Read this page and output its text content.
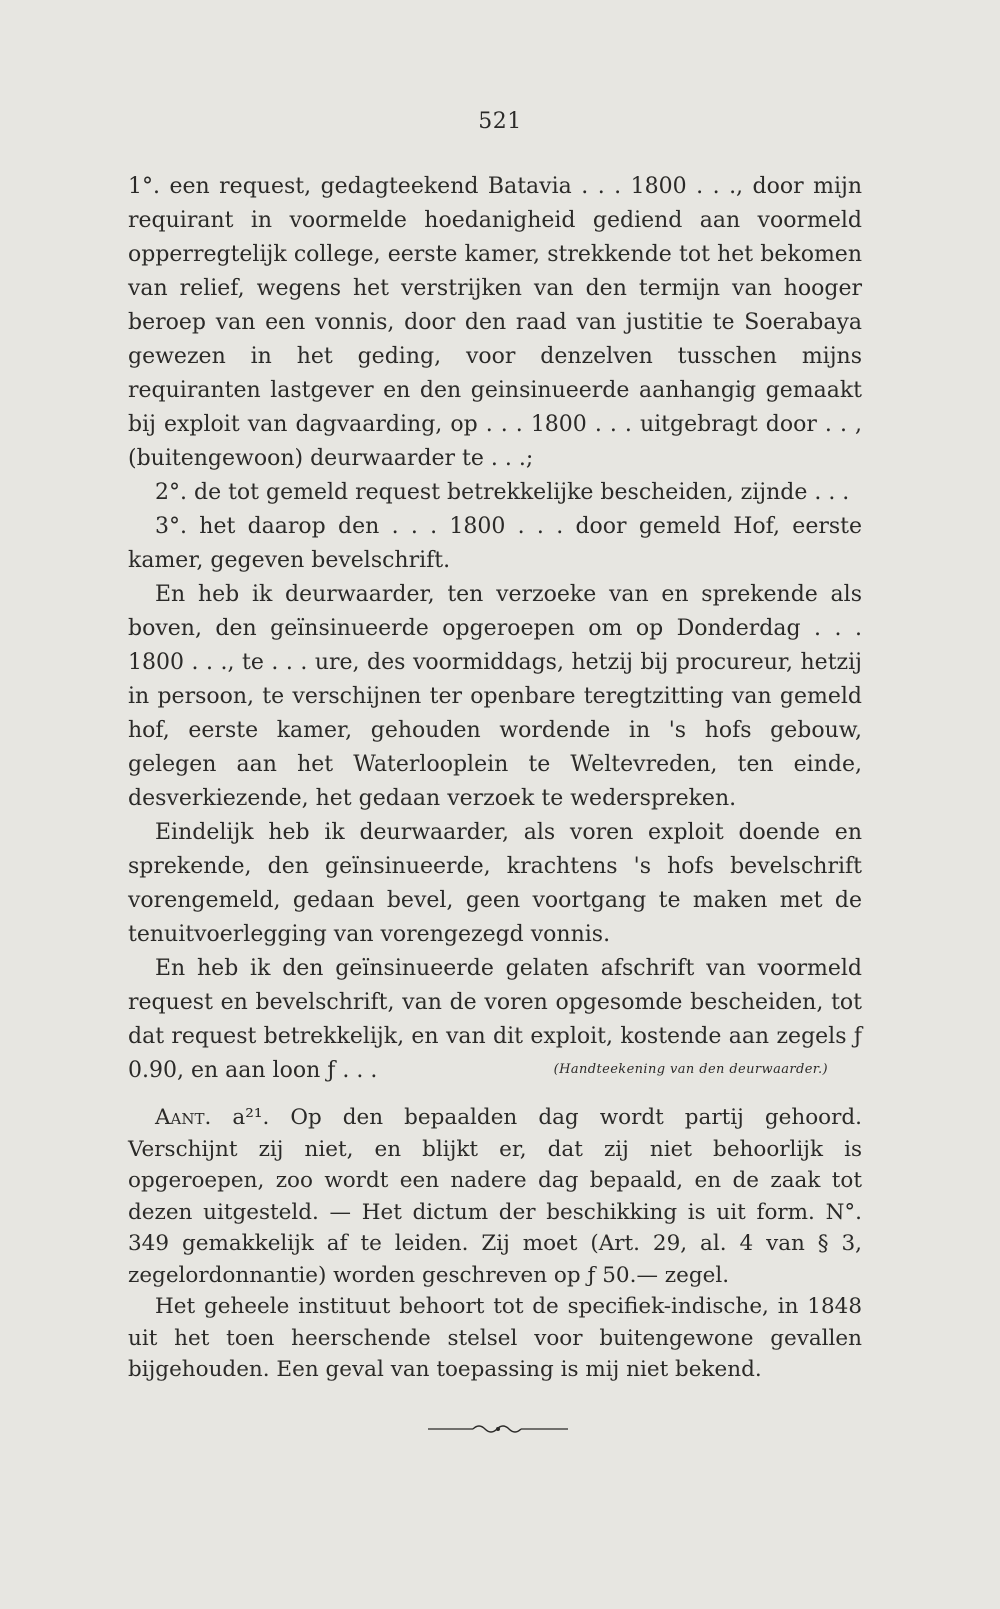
521

1°. een request, gedagteekend Batavia . . . 1800 . . ., door mijn requirant in voormelde hoedanigheid gediend aan voormeld opperregtelijk college, eerste kamer, strekkende tot het bekomen van relief, wegens het verstrijken van den termijn van hooger beroep van een vonnis, door den raad van justitie te Soerabaya gewezen in het geding, voor denzelven tusschen mijns requiranten lastgever en den geinsinueerde aanhangig gemaakt bij exploit van dagvaarding, op . . . 1800 . . . uitgebragt door . . , (buitengewoon) deurwaarder te . . .;

2°. de tot gemeld request betrekkelijke bescheiden, zijnde . . .

3°. het daarop den . . . 1800 . . . door gemeld Hof, eerste kamer, gegeven bevelschrift.

En heb ik deurwaarder, ten verzoeke van en sprekende als boven, den geïnsinueerde opgeroepen om op Donderdag . . . 1800 . . ., te . . . ure, des voormiddags, hetzij bij procureur, hetzij in persoon, te verschijnen ter openbare teregtzitting van gemeld hof, eerste kamer, gehouden wordende in 's hofs gebouw, gelegen aan het Waterlooplein te Weltevreden, ten einde, desverkiezende, het gedaan verzoek te wederspreken.

Eindelijk heb ik deurwaarder, als voren exploit doende en sprekende, den geïnsinueerde, krachtens 's hofs bevelschrift vorengemeld, gedaan bevel, geen voortgang te maken met de tenuitvoerlegging van vorengezegd vonnis.

En heb ik den geïnsinueerde gelaten afschrift van voormeld request en bevelschrift, van de voren opgesomde bescheiden, tot dat request betrekkelijk, en van dit exploit, kostende aan zegels ƒ 0.90, en aan loon ƒ . . .	(Handteekening van den deurwaarder.)

Aant. a²¹. Op den bepaalden dag wordt partij gehoord. Verschijnt zij niet, en blijkt er, dat zij niet behoorlijk is opgeroepen, zoo wordt een nadere dag bepaald, en de zaak tot dezen uitgesteld. — Het dictum der beschikking is uit form. N°. 349 gemakkelijk af te leiden. Zij moet (Art. 29, al. 4 van § 3, zegelordonnantie) worden geschreven op ƒ 50.— zegel.

Het geheele instituut behoort tot de specifiek-indische, in 1848 uit het toen heerschende stelsel voor buitengewone gevallen bijgehouden. Een geval van toepassing is mij niet bekend.
